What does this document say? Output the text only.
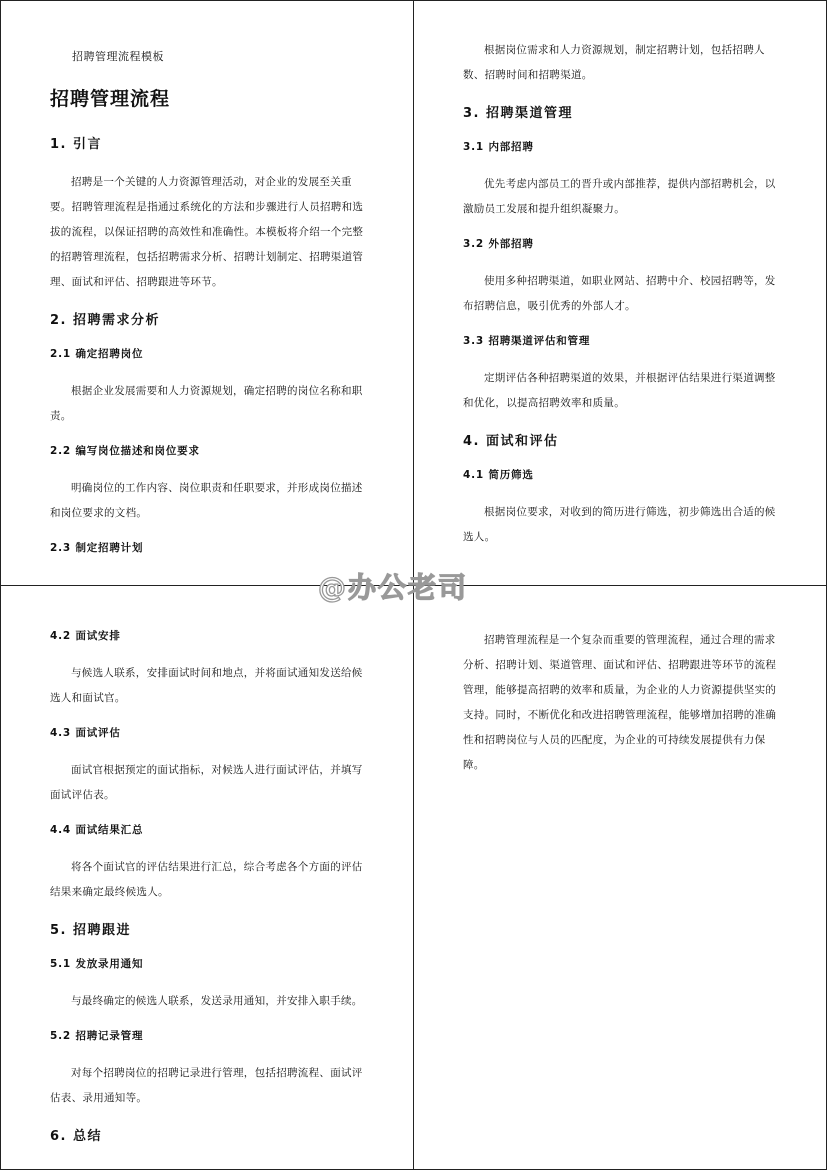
招聘管理流程模板
招聘管理流程
1. 引言

招聘是一个关键的人力资源管理活动，对企业的发展至关重要。招聘管理流程是指通过系统化的方法和步骤进行人员招聘和选拔的流程，以保证招聘的高效性和准确性。本模板将介绍一个完整的招聘管理流程，包括招聘需求分析、招聘计划制定、招聘渠道管理、面试和评估、招聘跟进等环节。

2. 招聘需求分析
2.1 确定招聘岗位

根据企业发展需要和人力资源规划，确定招聘的岗位名称和职责。

2.2 编写岗位描述和岗位要求

明确岗位的工作内容、岗位职责和任职要求，并形成岗位描述和岗位要求的文档。

2.3 制定招聘计划

根据岗位需求和人力资源规划，制定招聘计划，包括招聘人数、招聘时间和招聘渠道。

3. 招聘渠道管理
3.1 内部招聘

优先考虑内部员工的晋升或内部推荐，提供内部招聘机会，以激励员工发展和提升组织凝聚力。

3.2 外部招聘

使用多种招聘渠道，如职业网站、招聘中介、校园招聘等，发布招聘信息，吸引优秀的外部人才。

3.3 招聘渠道评估和管理

定期评估各种招聘渠道的效果，并根据评估结果进行渠道调整和优化，以提高招聘效率和质量。

4. 面试和评估
4.1 简历筛选

根据岗位要求，对收到的简历进行筛选，初步筛选出合适的候选人。

4.2 面试安排

与候选人联系，安排面试时间和地点，并将面试通知发送给候选人和面试官。

4.3 面试评估

面试官根据预定的面试指标，对候选人进行面试评估，并填写面试评估表。

4.4 面试结果汇总

将各个面试官的评估结果进行汇总，综合考虑各个方面的评估结果来确定最终候选人。

5. 招聘跟进
5.1 发放录用通知

与最终确定的候选人联系，发送录用通知，并安排入职手续。

5.2 招聘记录管理

对每个招聘岗位的招聘记录进行管理，包括招聘流程、面试评估表、录用通知等。

6. 总结

招聘管理流程是一个复杂而重要的管理流程，通过合理的需求分析、招聘计划、渠道管理、面试和评估、招聘跟进等环节的流程管理，能够提高招聘的效率和质量，为企业的人力资源提供坚实的支持。同时，不断优化和改进招聘管理流程，能够增加招聘的准确性和招聘岗位与人员的匹配度，为企业的可持续发展提供有力保障。

@办公老司
